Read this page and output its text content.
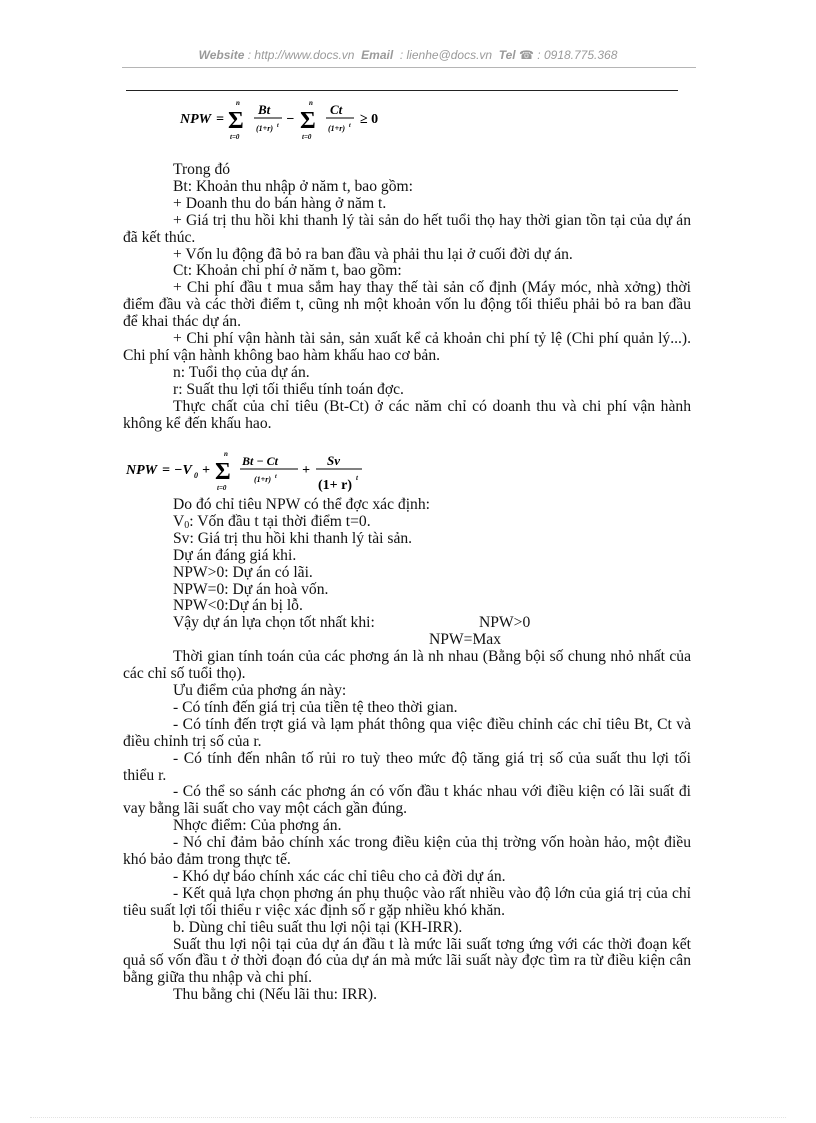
Website : http://www.docs.vn Email : lienhe@docs.vn Tel ☎ : 0918.775.368
NPW =
n
Σ
t=0
Bt
(1+r) t −
n
Σ
t=0
Ct
(1+r) t ≥ 0

Trong đó

Bt: Khoản thu nhập ở năm t, bao gồm:

+ Doanh thu do bán hàng ở năm t.

+ Giá trị thu hồi khi thanh lý tài sản do hết tuổi thọ hay thời gian tồn tại của dự án đã kết thúc.

+ Vốn lu động đã bỏ ra ban đầu và phải thu lại ở cuối đời dự án.

Ct: Khoản chi phí ở năm t, bao gồm:

+ Chi phí đầu t mua sắm hay thay thế tài sản cố định (Máy móc, nhà xởng) thời điểm đầu và các thời điểm t, cũng nh một khoản vốn lu động tối thiểu phải bỏ ra ban đầu để khai thác dự án.

+ Chi phí vận hành tài sản, sản xuất kể cả khoản chi phí tỷ lệ (Chi phí quản lý...). Chi phí vận hành không bao hàm khấu hao cơ bản.

n: Tuổi thọ của dự án.

r: Suất thu lợi tối thiểu tính toán đợc.

Thực chất của chỉ tiêu (Bt-Ct) ở các năm chỉ có doanh thu và chi phí vận hành không kể đến khấu hao.

NPW = −V 0 +
n
Σ
t=0
Bt − Ct
(1+r) t +
Sv
(1+ r) t

Do đó chỉ tiêu NPW có thể đợc xác định:

$V_0$: Vốn đầu t tại thời điểm t=0.

Sv: Giá trị thu hồi khi thanh lý tài sản.

Dự án đáng giá khi.

NPW>0: Dự án có lãi.

NPW=0: Dự án hoà vốn.

NPW<0:Dự án bị lỗ.

Vậy dự án lựa chọn tốt nhất khi:	NPW>0

NPW=Max

Thời gian tính toán của các phơng án là nh nhau (Bằng bội số chung nhỏ nhất của các chỉ số tuổi thọ).

Ưu điểm của phơng án này:

- Có tính đến giá trị của tiền tệ theo thời gian.

- Có tính đến trợt giá và lạm phát thông qua việc điều chỉnh các chỉ tiêu Bt, Ct và điều chỉnh trị số của r.

- Có tính đến nhân tố rủi ro tuỳ theo mức độ tăng giá trị số của suất thu lợi tối thiểu r.

- Có thể so sánh các phơng án có vốn đầu t khác nhau với điều kiện có lãi suất đi vay bằng lãi suất cho vay một cách gần đúng.

Nhợc điểm: Của phơng án.

- Nó chỉ đảm bảo chính xác trong điều kiện của thị trờng vốn hoàn hảo, một điều khó bảo đảm trong thực tế.

- Khó dự báo chính xác các chỉ tiêu cho cả đời dự án.

- Kết quả lựa chọn phơng án phụ thuộc vào rất nhiều vào độ lớn của giá trị của chỉ tiêu suất lợi tối thiểu r việc xác định số r gặp nhiều khó khăn.

b. Dùng chỉ tiêu suất thu lợi nội tại (KH-IRR).

Suất thu lợi nội tại của dự án đầu t là mức lãi suất tơng ứng với các thời đoạn kết quả số vốn đầu t ở thời đoạn đó của dự án mà mức lãi suất này đợc tìm ra từ điều kiện cân bằng giữa thu nhập và chi phí.

Thu bằng chi (Nếu lãi thu: IRR).
